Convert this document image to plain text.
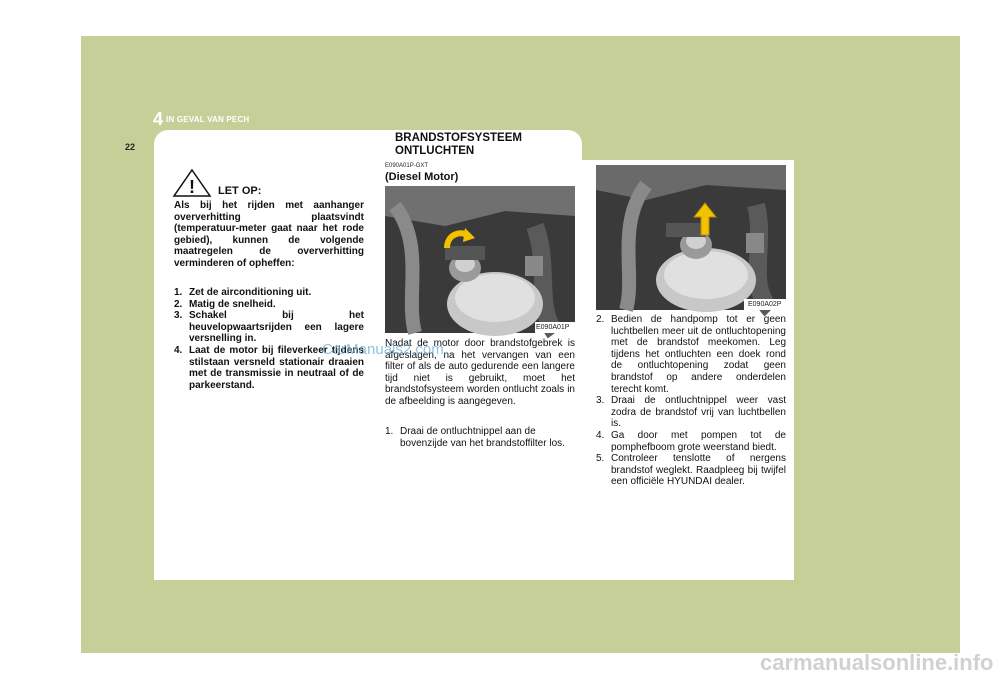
4 IN GEVAL VAN PECH
22
BRANDSTOFSYSTEEM
ONTLUCHTEN
! LET OP:
Als bij het rijden met aanhanger oververhitting plaatsvindt (temperatuur-meter gaat naar het rode gebied), kunnen de volgende maatregelen de oververhitting verminderen of opheffen:
1. Zet de airconditioning uit.
2. Matig de snelheid.
3. Schakel bij het heuvelopwaartsrijden een lagere versnelling in.
4. Laat de motor bij fileverkeer tijdens stilstaan versneld stationair draaien met de transmissie in neutraal of de parkeerstand.
E090A01P-GXT
(Diesel Motor)
E090A01P
Nadat de motor door brandstofgebrek is afgeslagen, na het vervangen van een filter of als de auto gedurende een langere tijd niet is gebruikt, moet het brandstofsysteem worden ontlucht zoals in de afbeelding is aangegeven.
1. Draai de ontluchtnippel aan de bovenzijde van het brandstoffilter los.
E090A02P
2. Bedien de handpomp tot er geen luchtbellen meer uit de ontluchtopening met de brandstof meekomen. Leg tijdens het ontluchten een doek rond de ontluchtopening zodat geen brandstof op andere onderdelen terecht komt.
3. Draai de ontluchtnippel weer vast zodra de brandstof vrij van luchtbellen is.
4. Ga door met pompen tot de pomphefboom grote weerstand biedt.
5. Controleer tenslotte of nergens brandstof weglekt. Raadpleeg bij twijfel een officiële HYUNDAI dealer.
CarManuals2.com
carmanualsonline.info
